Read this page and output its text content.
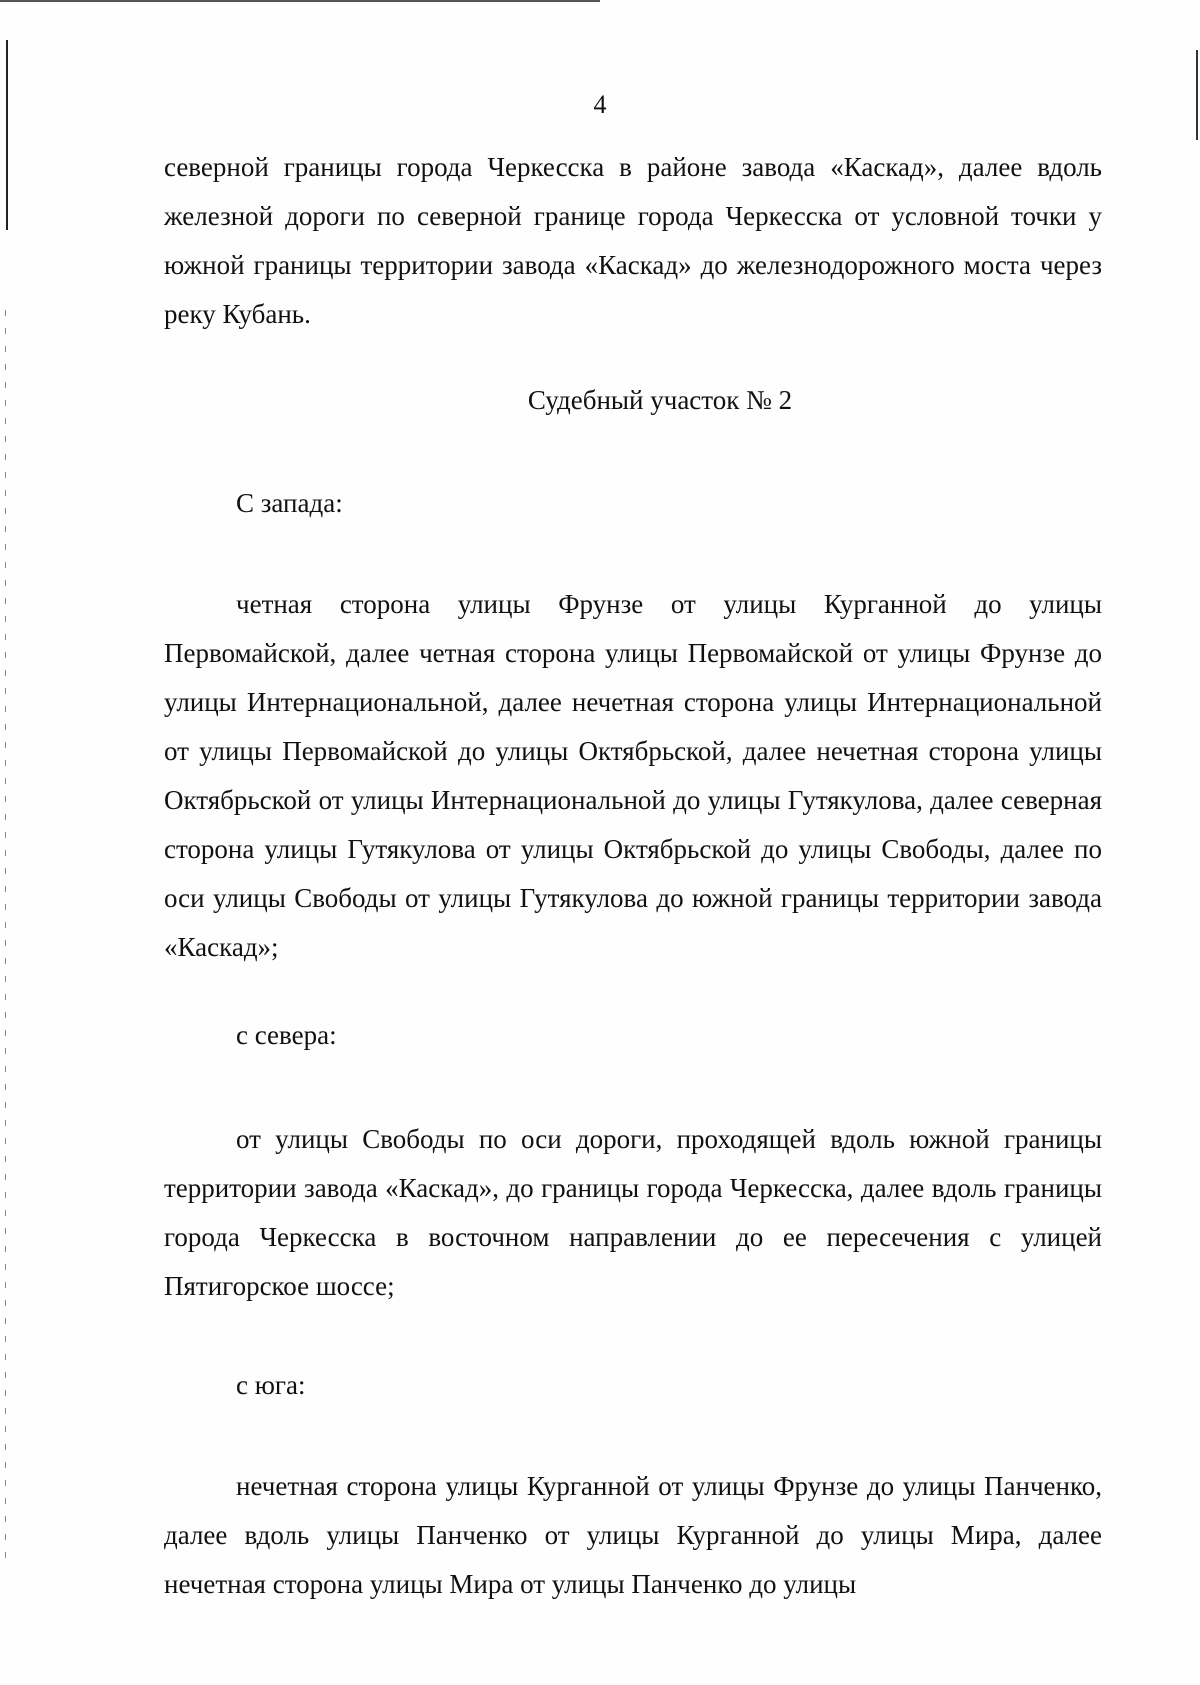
4

северной границы города Черкесска в районе завода «Каскад», далее вдоль железной дороги по северной границе города Черкесска от условной точки у южной границы территории завода «Каскад» до железнодорожного моста через реку Кубань.

Судебный участок № 2
С запада:

четная сторона улицы Фрунзе от улицы Курганной до улицы Первомайской, далее четная сторона улицы Первомайской от улицы Фрунзе до улицы Интернациональной, далее нечетная сторона улицы Интернациональной от улицы Первомайской до улицы Октябрьской, далее нечетная сторона улицы Октябрьской от улицы Интернациональной до улицы Гутякулова, далее северная сторона улицы Гутякулова от улицы Октябрьской до улицы Свободы, далее по оси улицы Свободы от улицы Гутякулова до южной границы территории завода «Каскад»;

с севера:

от улицы Свободы по оси дороги, проходящей вдоль южной границы территории завода «Каскад», до границы города Черкесска, далее вдоль границы города Черкесска в восточном направлении до ее пересечения с улицей Пятигорское шоссе;

с юга:

нечетная сторона улицы Курганной от улицы Фрунзе до улицы Панченко, далее вдоль улицы Панченко от улицы Курганной до улицы Мира, далее нечетная сторона улицы Мира от улицы Панченко до улицы
